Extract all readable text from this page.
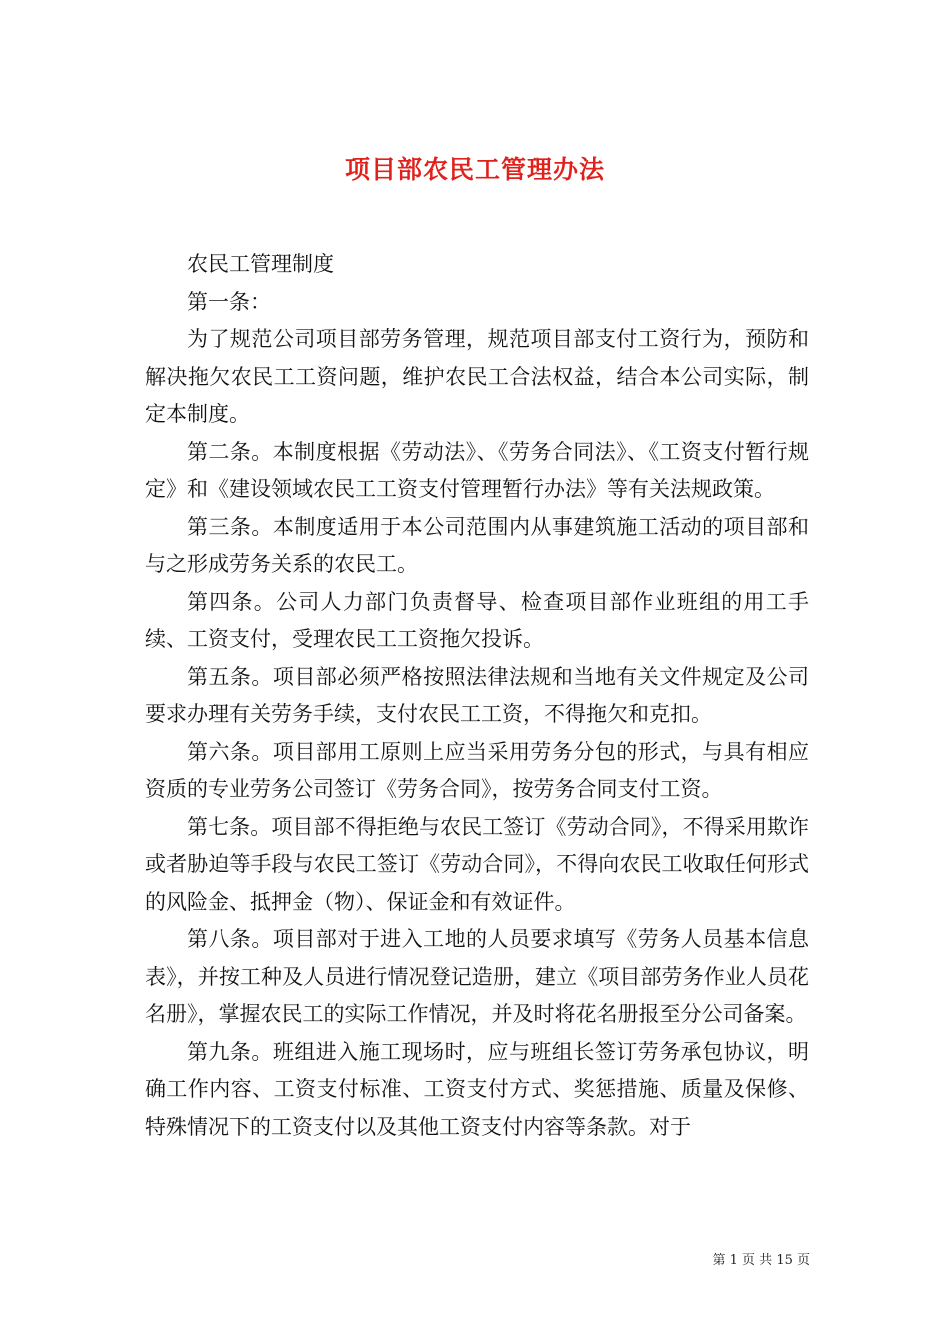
项目部农民工管理办法

农民工管理制度

第一条：

为了规范公司项目部劳务管理，规范项目部支付工资行为，预防和解决拖欠农民工工资问题，维护农民工合法权益，结合本公司实际，制定本制度。

第二条。本制度根据《劳动法》、《劳务合同法》、《工资支付暂行规定》和《建设领域农民工工资支付管理暂行办法》等有关法规政策。

第三条。本制度适用于本公司范围内从事建筑施工活动的项目部和与之形成劳务关系的农民工。

第四条。公司人力部门负责督导、检查项目部作业班组的用工手续、工资支付，受理农民工工资拖欠投诉。

第五条。项目部必须严格按照法律法规和当地有关文件规定及公司要求办理有关劳务手续，支付农民工工资，不得拖欠和克扣。

第六条。项目部用工原则上应当采用劳务分包的形式，与具有相应资质的专业劳务公司签订《劳务合同》，按劳务合同支付工资。

第七条。项目部不得拒绝与农民工签订《劳动合同》，不得采用欺诈或者胁迫等手段与农民工签订《劳动合同》，不得向农民工收取任何形式的风险金、抵押金（物）、保证金和有效证件。

第八条。项目部对于进入工地的人员要求填写《劳务人员基本信息表》，并按工种及人员进行情况登记造册，建立《项目部劳务作业人员花名册》，掌握农民工的实际工作情况，并及时将花名册报至分公司备案。

第九条。班组进入施工现场时，应与班组长签订劳务承包协议，明确工作内容、工资支付标准、工资支付方式、奖惩措施、质量及保修、特殊情况下的工资支付以及其他工资支付内容等条款。对于

第 1 页 共 15 页
